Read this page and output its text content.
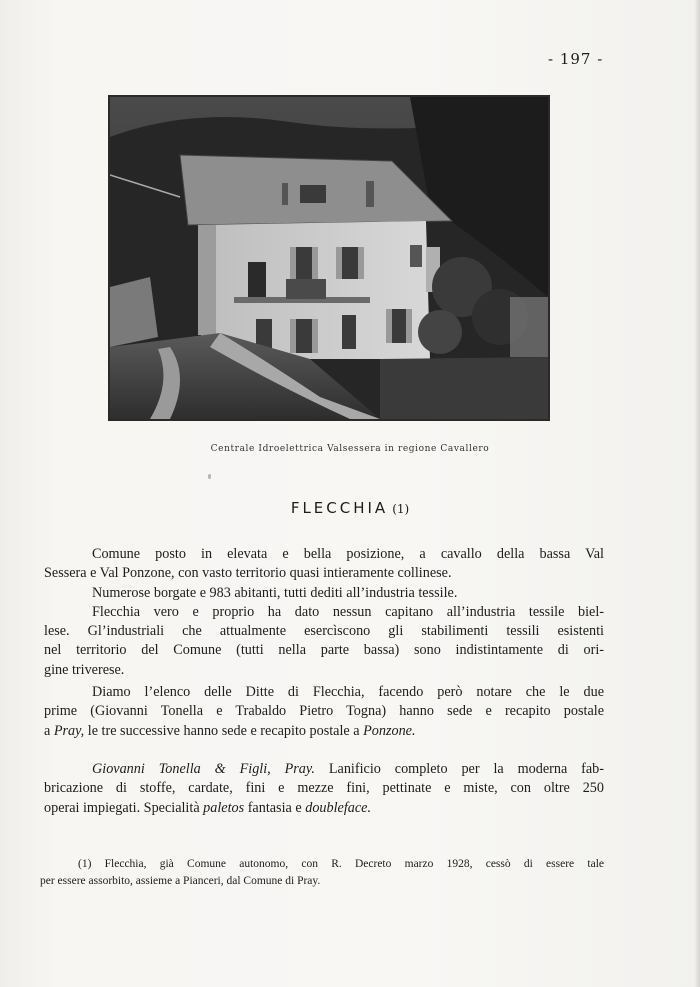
- 197 -
Centrale Idroelettrica Valsessera in regione Cavallero
FLECCHIA (1)
Comune posto in elevata e bella posizione, a cavallo della bassa Val
Sessera e Val Ponzone, con vasto territorio quasi intieramente collinese.
Numerose borgate e 983 abitanti, tutti dediti all’industria tessile.
Flecchia vero e proprio ha dato nessun capitano all’industria tessile biel-
lese. Gl’industriali che attualmente esercìscono gli stabilimenti tessili esistenti
nel territorio del Comune (tutti nella parte bassa) sono indistintamente di ori-
gine triverese.
Diamo l’elenco delle Ditte di Flecchia, facendo però notare che le due
prime (Giovanni Tonella e Trabaldo Pietro Togna) hanno sede e recapito postale
a Pray, le tre successive hanno sede e recapito postale a Ponzone.
Giovanni Tonella & Figli, Pray. Lanificio completo per la moderna fab-
bricazione di stoffe, cardate, fini e mezze fini, pettinate e miste, con oltre 250
operai impiegati. Specialità paletos fantasia e doubleface.
(1) Flecchia, già Comune autonomo, con R. Decreto marzo 1928, cessò di essere tale
per essere assorbito, assieme a Pianceri, dal Comune di Pray.
